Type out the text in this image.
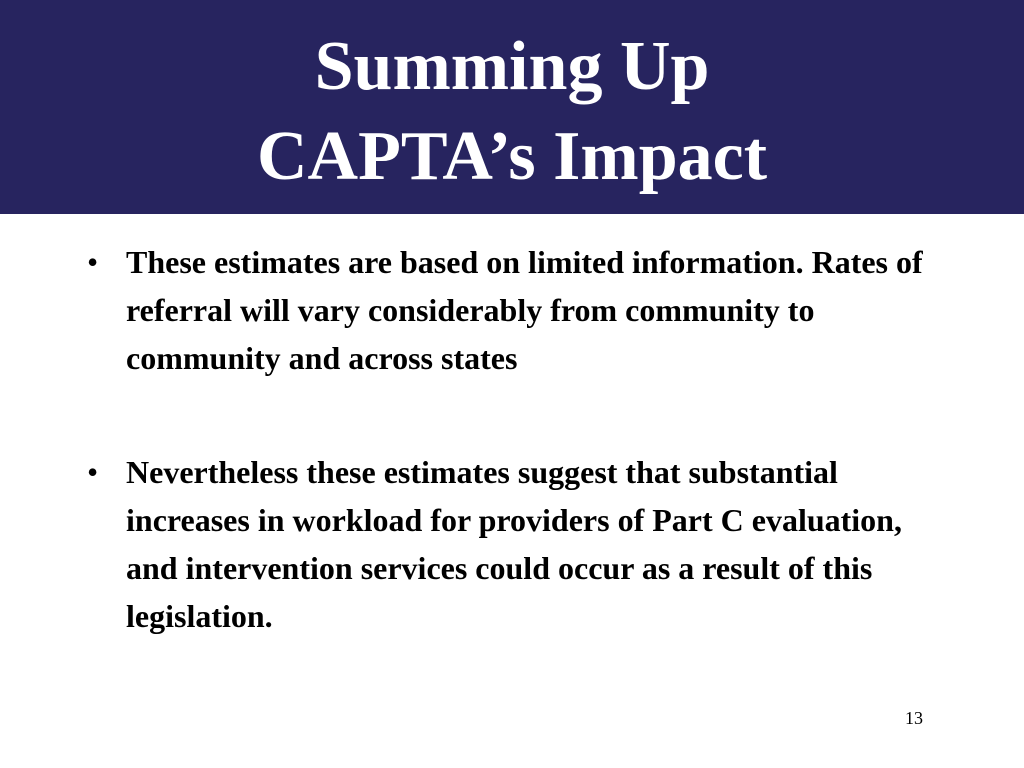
Summing Up
CAPTA’s Impact
• These estimates are based on limited information. Rates of referral will vary considerably from community to community and across states
• Nevertheless these estimates suggest that substantial increases in workload for providers of Part C evaluation, and intervention services could occur as a result of this legislation.
13
